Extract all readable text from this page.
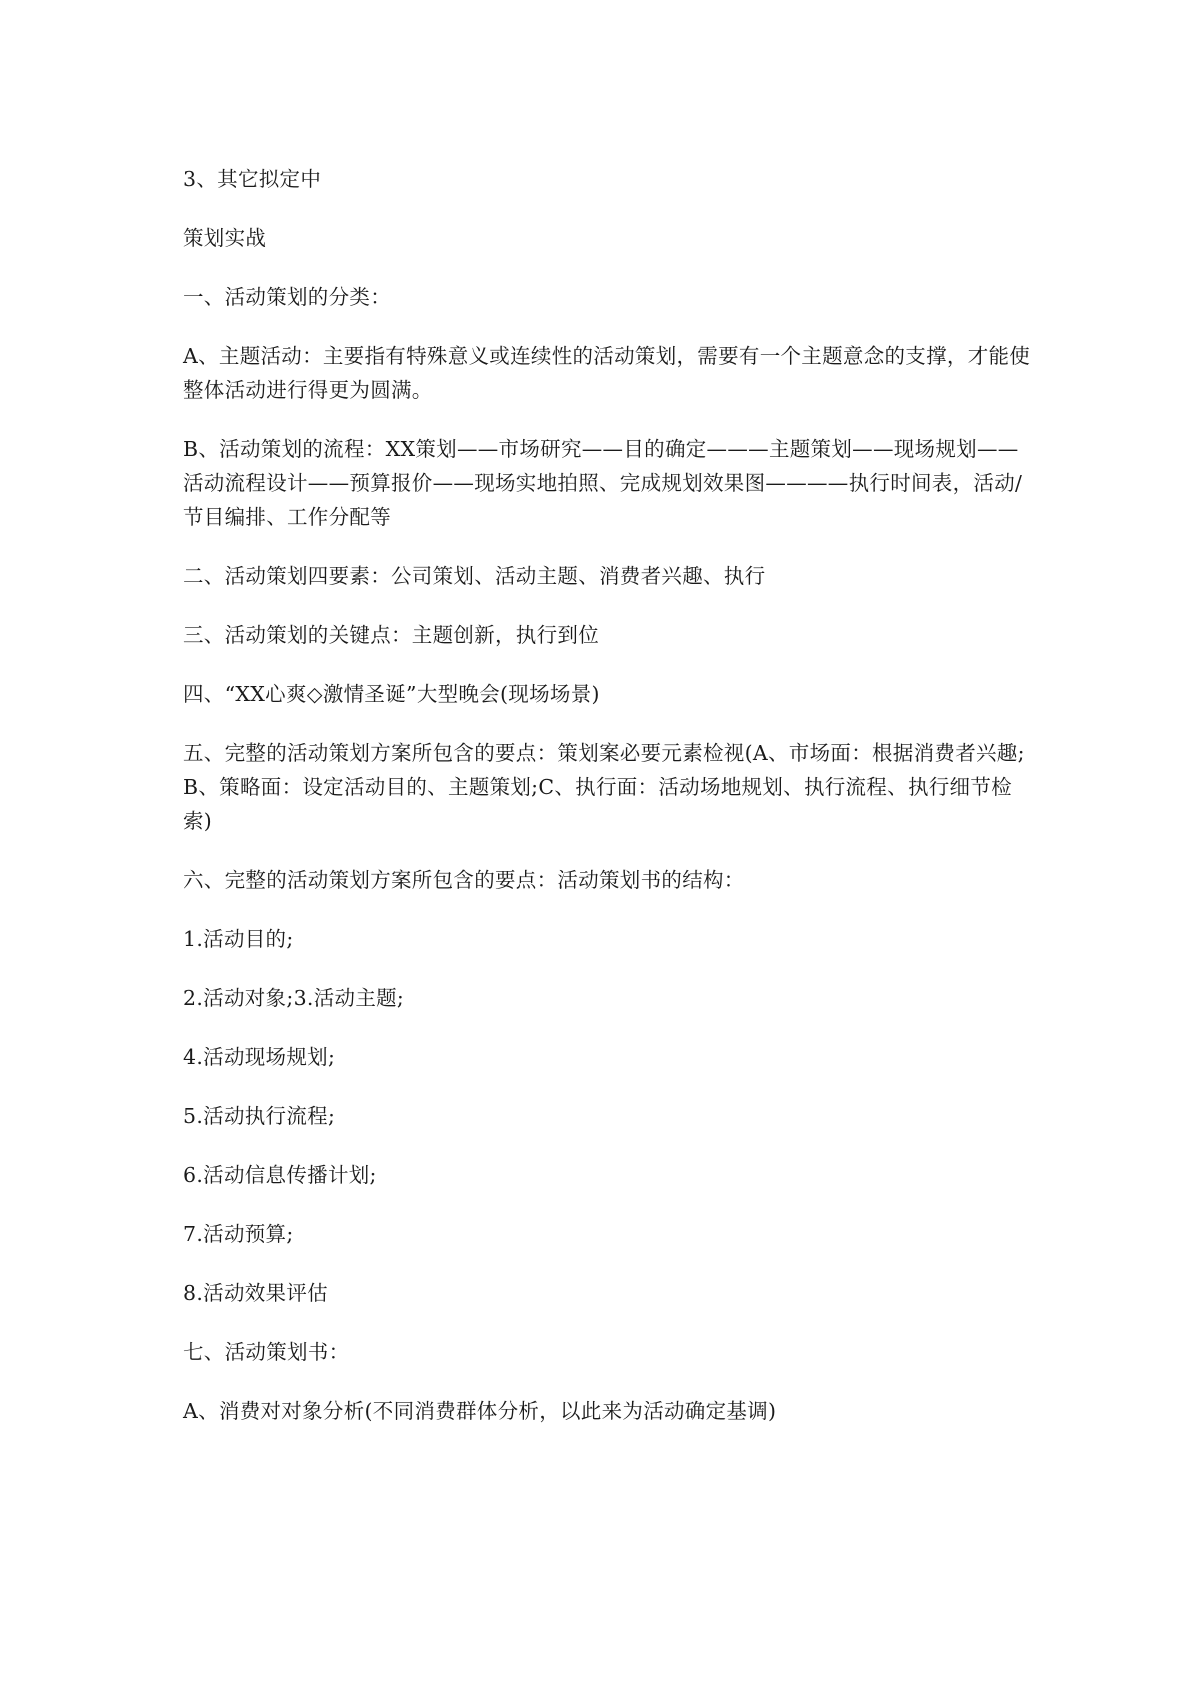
3、其它拟定中

策划实战

一、活动策划的分类：

A、主题活动：主要指有特殊意义或连续性的活动策划，需要有一个主题意念的支撑，才能使整体活动进行得更为圆满。

B、活动策划的流程：XX策划——市场研究——目的确定———主题策划——现场规划——活动流程设计——预算报价——现场实地拍照、完成规划效果图————执行时间表，活动/节目编排、工作分配等

二、活动策划四要素：公司策划、活动主题、消费者兴趣、执行

三、活动策划的关键点：主题创新，执行到位

四、“XX心爽◇激情圣诞”大型晚会(现场场景)

五、完整的活动策划方案所包含的要点：策划案必要元素检视(A、市场面：根据消费者兴趣;B、策略面：设定活动目的、主题策划;C、执行面：活动场地规划、执行流程、执行细节检索)

六、完整的活动策划方案所包含的要点：活动策划书的结构：

1.活动目的;

2.活动对象;3.活动主题;

4.活动现场规划;

5.活动执行流程;

6.活动信息传播计划;

7.活动预算;

8.活动效果评估

七、活动策划书：

A、消费对对象分析(不同消费群体分析，以此来为活动确定基调)
